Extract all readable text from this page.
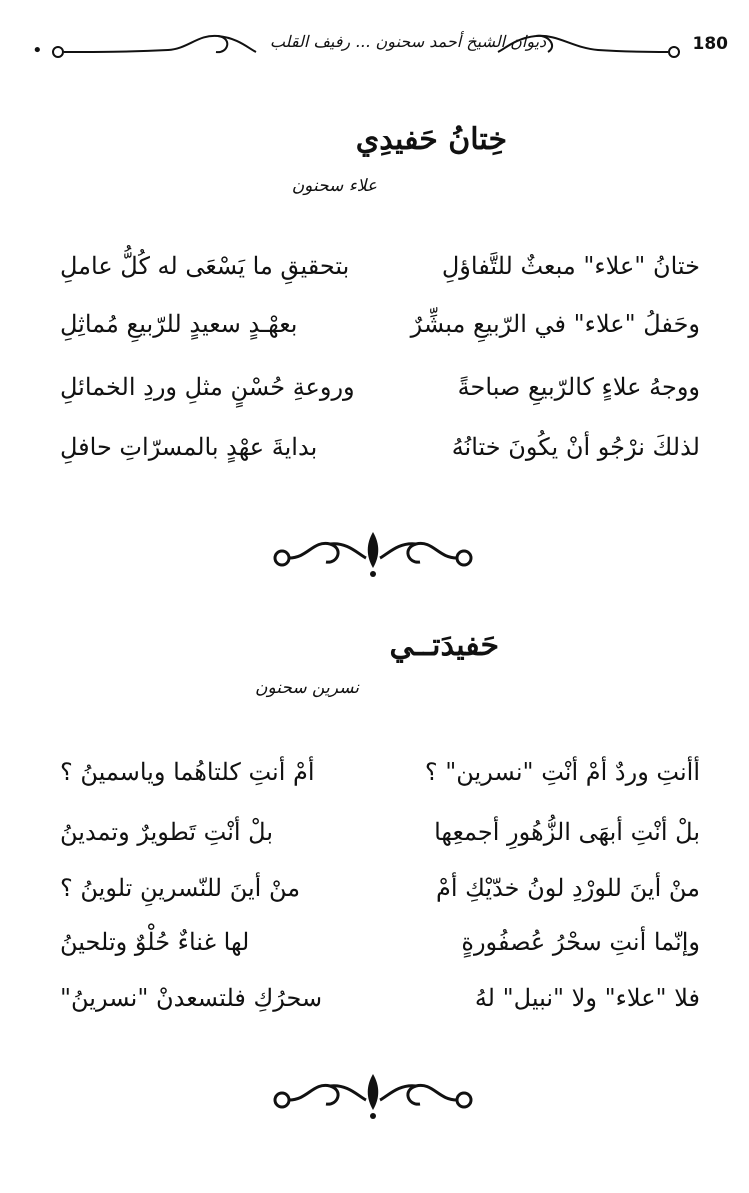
•	ديوان الشيخ أحمد سحنون ... رفيف القلب	180
خِتانُ حَفيدِي
علاء سحنون
ختانُ "علاء" مبعثٌ للتَّفاؤلِ
بتحقيقِ ما يَسْعَى له كُلُّ عاملِ
وحَفلُ "علاء" في الرّبيعِ مبشِّرٌ
بعهْـدٍ سعيدٍ للرّبيعِ مُماثِلِ
ووجهُ علاءٍ كالرّبيعِ صباحةً
وروعةِ حُسْنٍ مثلِ وردِ الخمائلِ
لذلكَ نرْجُو أنْ يكُونَ ختانُهُ
بدايةَ عهْدٍ بالمسرّاتِ حافلِ
حَفيدَتــي
نسرين سحنون
أأنتِ وردٌ أمْ أنْتِ "نسرين" ؟
أمْ أنتِ كلتاهُما وياسمينُ ؟
بلْ أنْتِ أبهَى الزُّهُورِ أجمعِها
بلْ أنْتِ تَطويرٌ وتمدينُ
منْ أينَ للورْدِ لونُ خدّيْكِ أمْ
منْ أينَ للنّسرينِ تلوينُ ؟
وإنّما أنتِ سحْرُ عُصفُورةٍ
لها غناءٌ حُلْوٌ وتلحينُ
فلا "علاء" ولا "نبيل" لهُ
سحرُكِ فلتسعدنْ "نسرينُ"
